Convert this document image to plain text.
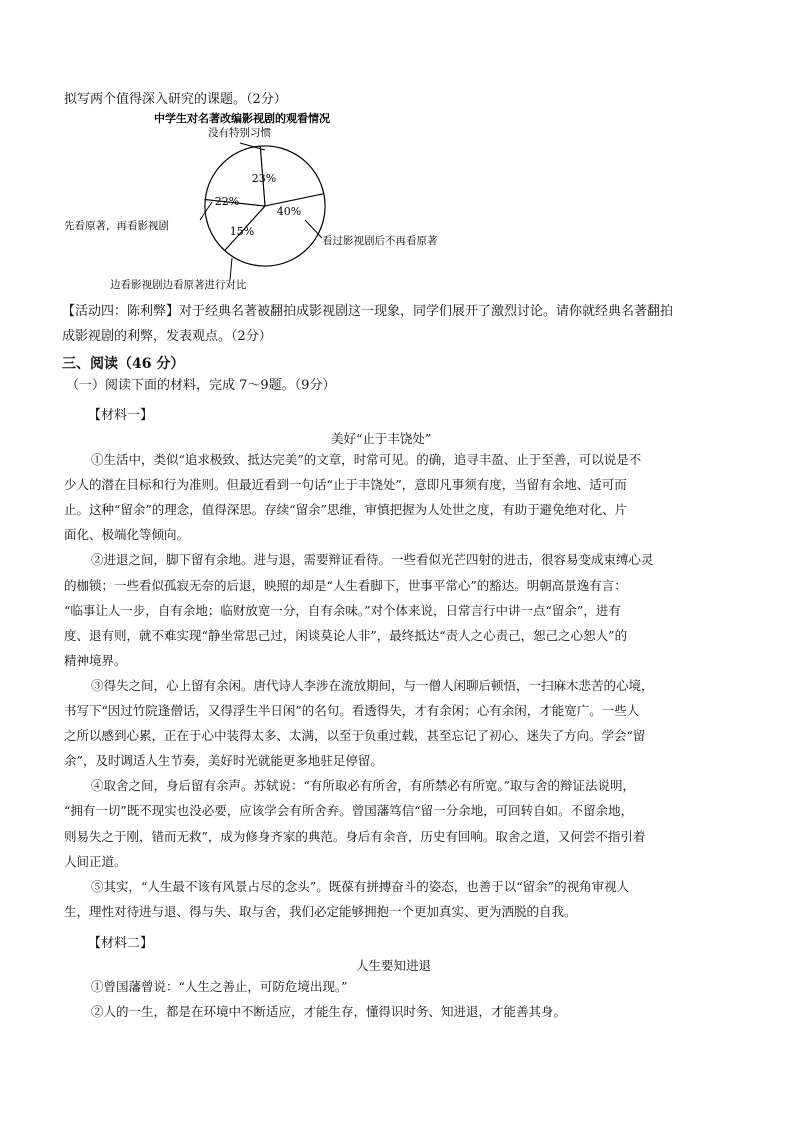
拟写两个值得深入研究的课题。（2分）
中学生对名著改编影视剧的观看情况
23%
40%
15%
22%
没有特别习惯
看过影视剧后不再看原著
边看影视剧边看原著进行对比
先看原著，再看影视剧
【活动四：陈利弊】对于经典名著被翻拍成影视剧这一现象，同学们展开了激烈讨论。请你就经典名著翻拍
成影视剧的利弊，发表观点。（2分）
三、阅读（46 分）
（一）阅读下面的材料，完成 7～9题。（9分）
【材料一】
美好“止于丰饶处”
①生活中，类似“追求极致、抵达完美”的文章，时常可见。的确，追寻丰盈、止于至善，可以说是不
少人的潜在目标和行为准则。但最近看到一句话“止于丰饶处”，意即凡事须有度，当留有余地、适可而
止。这种“留余”的理念，值得深思。存续“留余”思维，审慎把握为人处世之度，有助于避免绝对化、片
面化、极端化等倾向。
②进退之间，脚下留有余地。进与退，需要辩证看待。一些看似光芒四射的进击，很容易变成束缚心灵
的枷锁；一些看似孤寂无奈的后退，映照的却是“人生看脚下，世事平常心”的豁达。明朝高景逸有言：
“临事让人一步，自有余地；临财放宽一分，自有余味。”对个体来说，日常言行中讲一点“留余”，进有
度、退有则，就不难实现“静坐常思己过，闲谈莫论人非”，最终抵达“责人之心责己，恕己之心恕人”的
精神境界。
③得失之间，心上留有余闲。唐代诗人李涉在流放期间，与一僧人闲聊后顿悟，一扫麻木悲苦的心境，
书写下“因过竹院逢僧话，又得浮生半日闲”的名句。看透得失，才有余闲；心有余闲，才能宽广。一些人
之所以感到心累，正在于心中装得太多、太满，以至于负重过载，甚至忘记了初心、迷失了方向。学会“留
余”，及时调适人生节奏，美好时光就能更多地驻足停留。
④取舍之间，身后留有余声。苏轼说：“有所取必有所舍，有所禁必有所宽。”取与舍的辩证法说明，
“拥有一切”既不现实也没必要，应该学会有所舍弃。曾国藩笃信“留一分余地，可回转自如。不留余地，
则易失之于刚，错而无救”，成为修身齐家的典范。身后有余音，历史有回响。取舍之道，又何尝不指引着
人间正道。
⑤其实，“人生最不该有风景占尽的念头”。既葆有拼搏奋斗的姿态，也善于以“留余”的视角审视人
生，理性对待进与退、得与失、取与舍，我们必定能够拥抱一个更加真实、更为洒脱的自我。
【材料二】
人生要知进退
①曾国藩曾说：“人生之善止，可防危境出现。”
②人的一生，都是在环境中不断适应，才能生存，懂得识时务、知进退，才能善其身。
